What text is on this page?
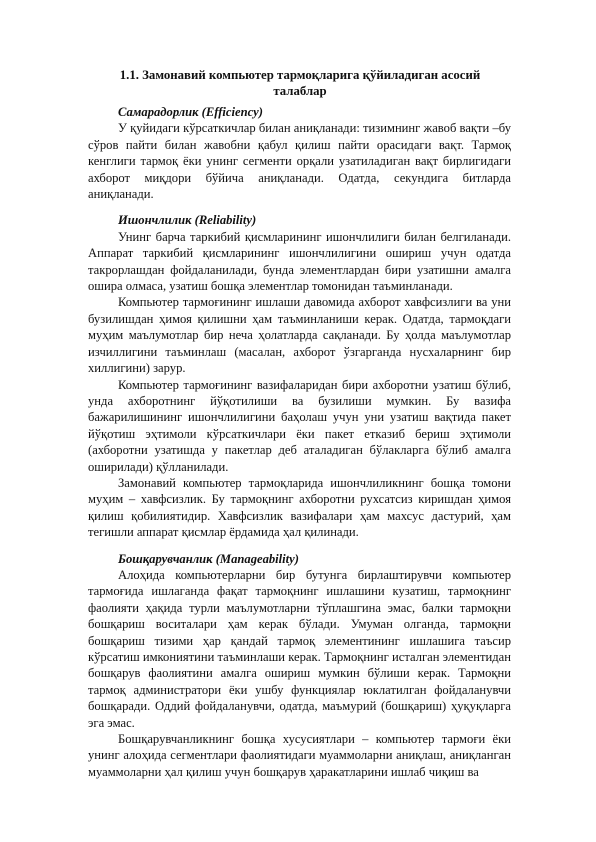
1.1. Замонавий компьютер тармоқларига қўйиладиган асосий талаблар
Самарадорлик (Efficiency)

У қуйидаги кўрсаткичлар билан аниқланади: тизимнинг жавоб вақти –бу сўров пайти билан жавобни қабул қилиш пайти орасидаги вақт. Тармоқ кенглиги тармоқ ёки унинг сегменти орқали узатиладиган вақт бирлигидаги ахборот миқдори бўйича аниқланади. Одатда, секундига битларда аниқланади.

Ишончлилик (Reliability)

Унинг барча таркибий қисмларининг ишончлилиги билан белгиланади. Аппарат таркибий қисмларининг ишончлилигини ошириш учун одатда такрорлашдан фойдаланилади, бунда элементлардан бири узатишни амалга ошира олмаса, узатиш бошқа элементлар томонидан таъминланади.

Компьютер тармоғининг ишлаши давомида ахборот хавфсизлиги ва уни бузилишдан ҳимоя қилишни ҳам таъминланиши керак. Одатда, тармоқдаги муҳим маълумотлар бир неча ҳолатларда сақланади. Бу ҳолда маълумотлар изчиллигини таъминлаш (масалан, ахборот ўзгарганда нусхаларнинг бир хиллигини) зарур.

Компьютер тармоғининг вазифаларидан бири ахборотни узатиш бўлиб, унда ахборотнинг йўқотилиши ва бузилиши мумкин. Бу вазифа бажарилишининг ишончлилигини баҳолаш учун уни узатиш вақтида пакет йўқотиш эҳтимоли кўрсаткичлари ёки пакет етказиб бериш эҳтимоли (ахборотни узатишда у пакетлар деб аталадиган бўлакларга бўлиб амалга оширилади) қўлланилади.

Замонавий компьютер тармоқларида ишончлиликнинг бошқа томони муҳим – хавфсизлик. Бу тармоқнинг ахборотни рухсатсиз киришдан ҳимоя қилиш қобилиятидир. Хавфсизлик вазифалари ҳам махсус дастурий, ҳам тегишли аппарат қисмлар ёрдамида ҳал қилинади.

Бошқарувчанлик (Manageability)

Алоҳида компьютерларни бир бутунга бирлаштирувчи компьютер тармоғида ишлаганда фақат тармоқнинг ишлашини кузатиш, тармоқнинг фаолияти ҳақида турли маълумотларни тўплашгина эмас, балки тармоқни бошқариш воситалари ҳам керак бўлади. Умуман олганда, тармоқни бошқариш тизими ҳар қандай тармоқ элементининг ишлашига таъсир кўрсатиш имкониятини таъминлаши керак. Тармоқнинг исталган элементидан бошқарув фаолиятини амалга ошириш мумкин бўлиши керак. Тармоқни тармоқ администратори ёки ушбу функциялар юклатилган фойдаланувчи бошқаради. Оддий фойдаланувчи, одатда, маъмурий (бошқариш) ҳуқуқларга эга эмас.

Бошқарувчанликнинг бошқа хусусиятлари – компьютер тармоғи ёки унинг алоҳида сегментлари фаолиятидаги муаммоларни аниқлаш, аниқланган муаммоларни ҳал қилиш учун бошқарув ҳаракатларини ишлаб чиқиш ва
